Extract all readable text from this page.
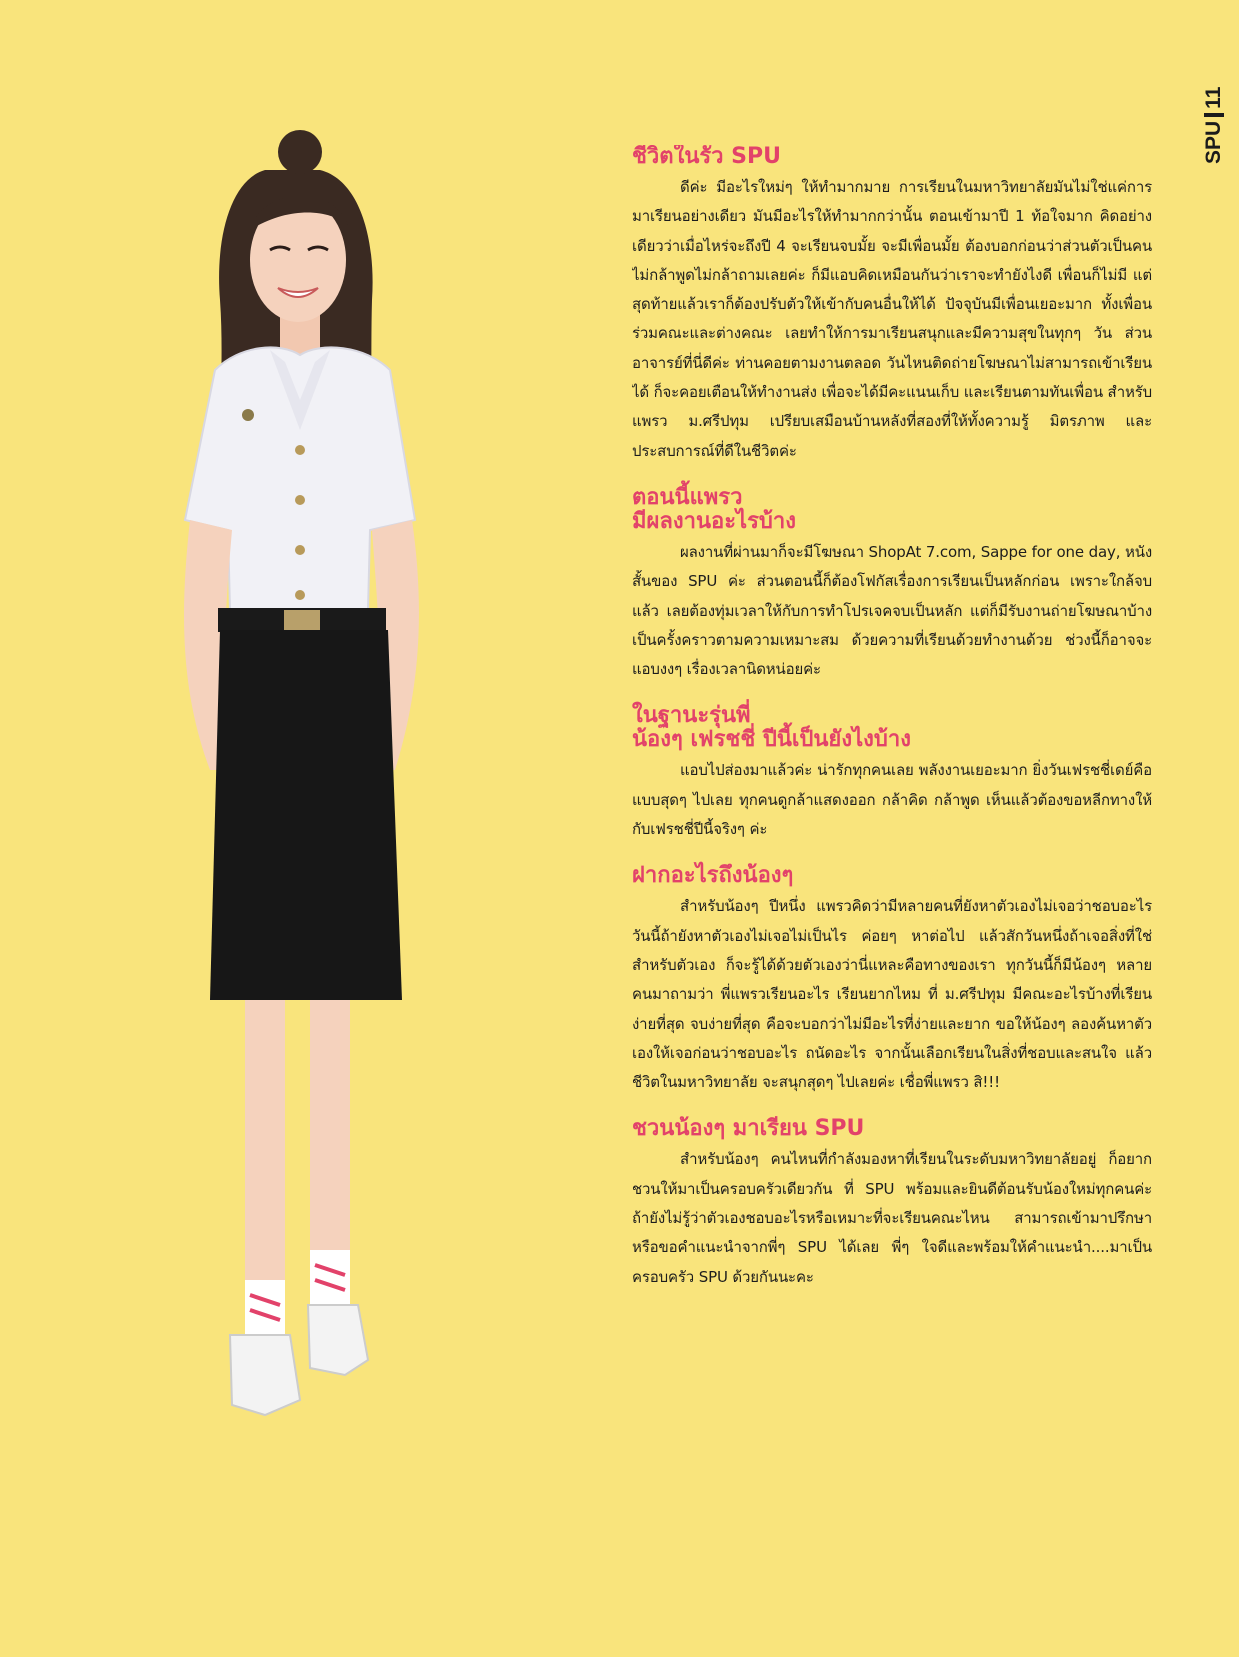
SPU
11
ชีวิตในรั้ว SPU

ดีค่ะ มีอะไรใหม่ๆ ให้ทำมากมาย การเรียนในมหาวิทยาลัยมันไม่ใช่แค่การมาเรียนอย่างเดียว มันมีอะไรให้ทำมากกว่านั้น ตอนเข้ามาปี 1 ท้อใจมาก คิดอย่างเดียวว่าเมื่อไหร่จะถึงปี 4 จะเรียนจบมั้ย จะมีเพื่อนมั้ย ต้องบอกก่อนว่าส่วนตัวเป็นคนไม่กล้าพูดไม่กล้าถามเลยค่ะ ก็มีแอบคิดเหมือนกันว่าเราจะทำยังไงดี เพื่อนก็ไม่มี แต่สุดท้ายแล้วเราก็ต้องปรับตัวให้เข้ากับคนอื่นให้ได้ ปัจจุบันมีเพื่อนเยอะมาก ทั้งเพื่อนร่วมคณะและต่างคณะ เลยทำให้การมาเรียนสนุกและมีความสุขในทุกๆ วัน ส่วนอาจารย์ที่นี่ดีค่ะ ท่านคอยตามงานตลอด วันไหนติดถ่ายโฆษณาไม่สามารถเข้าเรียนได้ ก็จะคอยเตือนให้ทำงานส่ง เพื่อจะได้มีคะแนนเก็บ และเรียนตามทันเพื่อน สำหรับแพรว ม.ศรีปทุม เปรียบเสมือนบ้านหลังที่สองที่ให้ทั้งความรู้ มิตรภาพ และประสบการณ์ที่ดีในชีวิตค่ะ

ตอนนี้แพรว
มีผลงานอะไรบ้าง

ผลงานที่ผ่านมาก็จะมีโฆษณา ShopAt 7.com, Sappe for one day, หนังสั้นของ SPU ค่ะ ส่วนตอนนี้ก็ต้องโฟกัสเรื่องการเรียนเป็นหลักก่อน เพราะใกล้จบแล้ว เลยต้องทุ่มเวลาให้กับการทำโปรเจคจบเป็นหลัก แต่ก็มีรับงานถ่ายโฆษณาบ้างเป็นครั้งคราวตามความเหมาะสม ด้วยความที่เรียนด้วยทำงานด้วย ช่วงนี้ก็อาจจะแอบงงๆ เรื่องเวลานิดหน่อยค่ะ

ในฐานะรุ่นพี่
น้องๆ เฟรชชี่ ปีนี้เป็นยังไงบ้าง

แอบไปส่องมาแล้วค่ะ น่ารักทุกคนเลย พลังงานเยอะมาก ยิ่งวันเฟรชชี่เดย์คือแบบสุดๆ ไปเลย ทุกคนดูกล้าแสดงออก กล้าคิด กล้าพูด เห็นแล้วต้องขอหลีกทางให้กับเฟรชชี่ปีนี้จริงๆ ค่ะ

ฝากอะไรถึงน้องๆ

สำหรับน้องๆ ปีหนึ่ง แพรวคิดว่ามีหลายคนที่ยังหาตัวเองไม่เจอว่าชอบอะไร วันนี้ถ้ายังหาตัวเองไม่เจอไม่เป็นไร ค่อยๆ หาต่อไป แล้วสักวันหนึ่งถ้าเจอสิ่งที่ใช่สำหรับตัวเอง ก็จะรู้ได้ด้วยตัวเองว่านี่แหละคือทางของเรา ทุกวันนี้ก็มีน้องๆ หลายคนมาถามว่า พี่แพรวเรียนอะไร เรียนยากไหม ที่ ม.ศรีปทุม มีคณะอะไรบ้างที่เรียนง่ายที่สุด จบง่ายที่สุด คือจะบอกว่าไม่มีอะไรที่ง่ายและยาก ขอให้น้องๆ ลองค้นหาตัวเองให้เจอก่อนว่าชอบอะไร ถนัดอะไร จากนั้นเลือกเรียนในสิ่งที่ชอบและสนใจ แล้วชีวิตในมหาวิทยาลัย จะสนุกสุดๆ ไปเลยค่ะ เชื่อพี่แพรว สิ!!!

ชวนน้องๆ มาเรียน SPU

สำหรับน้องๆ คนไหนที่กำลังมองหาที่เรียนในระดับมหาวิทยาลัยอยู่ ก็อยากชวนให้มาเป็นครอบครัวเดียวกัน ที่ SPU พร้อมและยินดีต้อนรับน้องใหม่ทุกคนค่ะ ถ้ายังไม่รู้ว่าตัวเองชอบอะไรหรือเหมาะที่จะเรียนคณะไหน สามารถเข้ามาปรึกษาหรือขอคำแนะนำจากพี่ๆ SPU ได้เลย พี่ๆ ใจดีและพร้อมให้คำแนะนำ....มาเป็นครอบครัว SPU ด้วยกันนะคะ
